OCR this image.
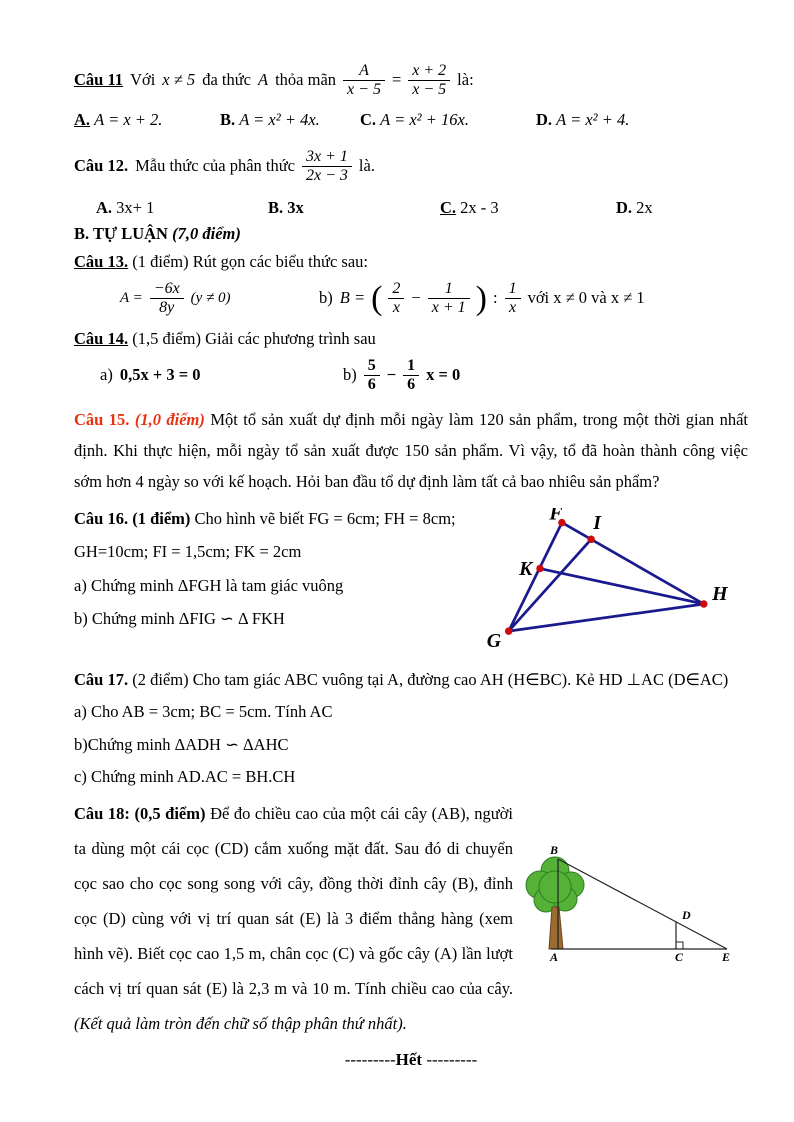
Câu 11 Với x ≠ 5 đa thức A thỏa mãn $\frac{A}{x - 5} = \frac{x + 2}{x - 5}$ là:
A. A = x + 2.	B. A = x² + 4x.	C. A = x² + 16x.	D. A = x² + 4.
Câu 12. Mẫu thức của phân thức $\frac{3x + 1}{2x - 3}$ là.
A. 3x+ 1	B. 3x	C. 2x - 3	D. 2x

B. TỰ LUẬN (7,0 điểm)

Câu 13. (1 điểm) Rút gọn các biểu thức sau:

$A = \frac{-6x}{8y} (y \ne 0)$	b) B = ( $\frac{2}{x} - \frac{1}{x + 1}$ ) : $\frac{1}{x}$ với x ≠ 0 và x ≠ 1

Câu 14. (1,5 điểm) Giải các phương trình sau

a) 0,5x + 3 = 0	$b) \frac{5}{6} - \frac{1}{6}$ x = 0

Câu 15. (1,0 điểm) Một tổ sản xuất dự định mỗi ngày làm 120 sản phẩm, trong một thời gian nhất định. Khi thực hiện, mỗi ngày tổ sản xuất được 150 sản phẩm. Vì vậy, tổ đã hoàn thành công việc sớm hơn 4 ngày so với kế hoạch. Hỏi ban đầu tổ dự định làm tất cả bao nhiêu sản phẩm?

Câu 16. (1 điểm) Cho hình vẽ biết FG = 6cm; FH = 8cm;

GH=10cm; FI = 1,5cm; FK = 2cm

a) Chứng minh ΔFGH là tam giác vuông

b) Chứng minh ΔFIG ∽ Δ FKH

F I
K
H
G

Câu 17. (2 điểm) Cho tam giác ABC vuông tại A, đường cao AH (H∈BC). Kẻ HD ⊥AC (D∈AC)

a) Cho AB = 3cm; BC = 5cm. Tính AC

b)Chứng minh ΔADH ∽ ΔAHC

c) Chứng minh AD.AC = BH.CH

Câu 18: (0,5 điểm) Để đo chiều cao của một cái cây (AB), người ta dùng một cái cọc (CD) cắm xuống mặt đất. Sau đó di chuyển cọc sao cho cọc song song với cây, đồng thời đỉnh cây (B), đỉnh cọc (D) cùng với vị trí quan sát (E) là 3 điểm thẳng hàng (xem hình vẽ). Biết cọc cao 1,5 m, chân cọc (C) và gốc cây (A) lần lượt cách vị trí quan sát (E) là 2,3 m và 10 m. Tính chiều cao của cây. (Kết quả làm tròn đến chữ số thập phân thứ nhất).

B
A	C	E
D

---------Hết ---------
